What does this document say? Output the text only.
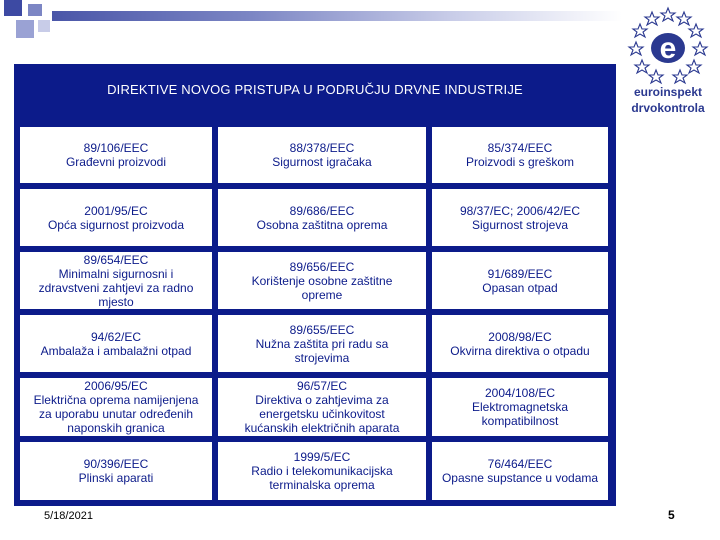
e
euroinspekt
drvokontrola
DIREKTIVE NOVOG PRISTUPA U PODRUČJU DRVNE INDUSTRIJE
89/106/EEC
Građevni proizvodi
88/378/EEC
Sigurnost igračaka
85/374/EEC
Proizvodi s greškom
2001/95/EC
Opća sigurnost proizvoda
89/686/EEC
Osobna zaštitna oprema
98/37/EC; 2006/42/EC
Sigurnost strojeva
89/654/EEC
Minimalni sigurnosni i
zdravstveni zahtjevi za radno
mjesto
89/656/EEC
Korištenje osobne zaštitne
opreme
91/689/EEC
Opasan otpad
94/62/EC
Ambalaža i ambalažni otpad
89/655/EEC
Nužna zaštita pri radu sa
strojevima
2008/98/EC
Okvirna direktiva o otpadu
2006/95/EC
Električna oprema namijenjena
za uporabu unutar određenih
naponskih granica
96/57/EC
Direktiva o zahtjevima za
energetsku učinkovitost
kućanskih električnih aparata
2004/108/EC
Elektromagnetska
kompatibilnost
90/396/EEC
Plinski aparati
1999/5/EC
Radio i telekomunikacijska
terminalska oprema
76/464/EEC
Opasne supstance u vodama
5/18/2021	5
